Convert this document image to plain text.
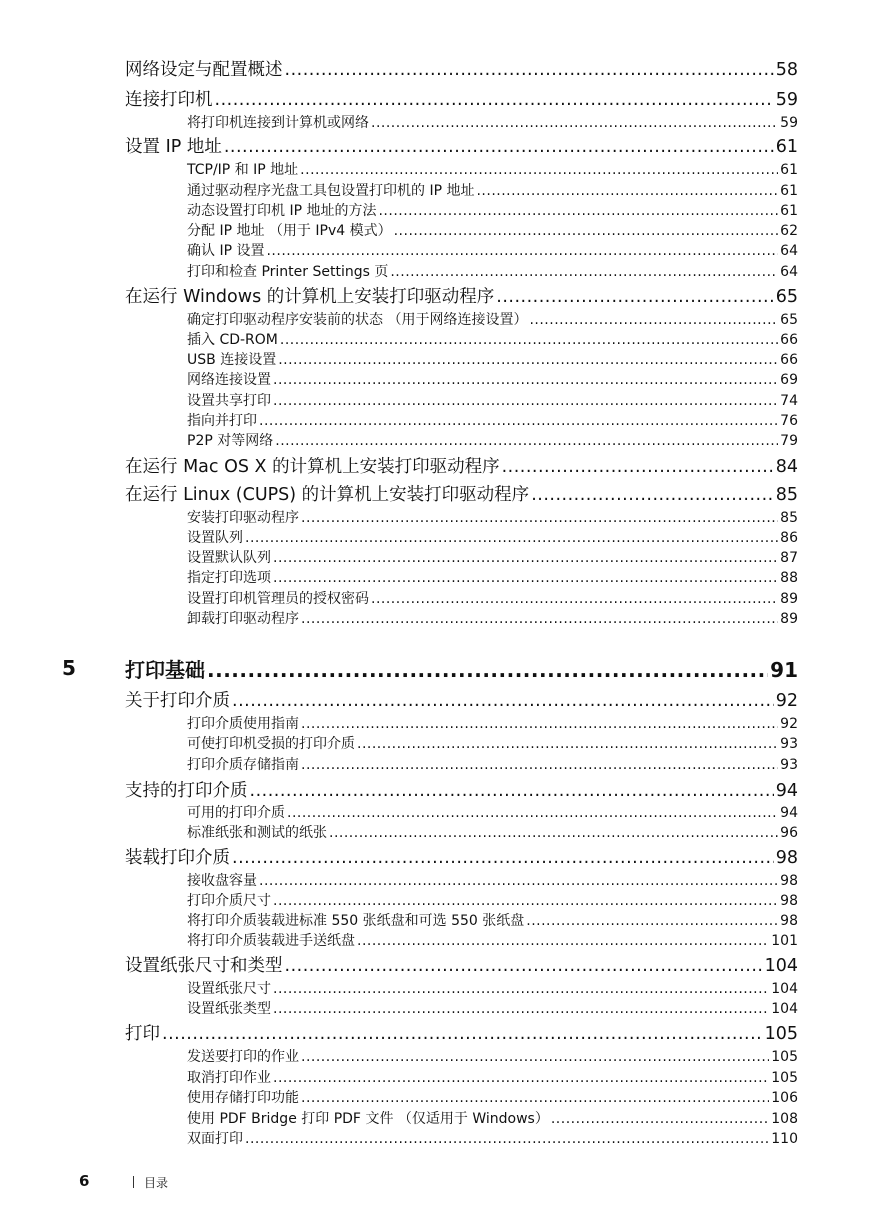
网络设定与配置概述 .....	58
连接打印机 .....	59
将打印机连接到计算机或网络 .....	59
设置 IP 地址 .....	61
TCP/IP 和 IP 地址 .....	61
通过驱动程序光盘工具包设置打印机的 IP 地址 .....	61
动态设置打印机 IP 地址的方法 .....	61
分配 IP 地址 （用于 IPv4 模式） .....	62
确认 IP 设置 .....	64
打印和检查 Printer Settings 页 .....	64
在运行 Windows 的计算机上安装打印驱动程序 .....	65
确定打印驱动程序安装前的状态 （用于网络连接设置） .....	65
插入 CD-ROM .....	66
USB 连接设置 .....	66
网络连接设置 .....	69
设置共享打印 .....	74
指向并打印 .....	76
P2P 对等网络 .....	79
在运行 Mac OS X 的计算机上安装打印驱动程序 .....	84
在运行 Linux (CUPS) 的计算机上安装打印驱动程序 .....	85
安装打印驱动程序 .....	85
设置队列 .....	86
设置默认队列 .....	87
指定打印选项 .....	88
设置打印机管理员的授权密码 .....	89
卸载打印驱动程序 .....	89
5 打印基础 .....	91
关于打印介质 .....	92
打印介质使用指南 .....	92
可使打印机受损的打印介质 .....	93
打印介质存储指南 .....	93
支持的打印介质 .....	94
可用的打印介质 .....	94
标准纸张和测试的纸张 .....	96
装载打印介质 .....	98
接收盘容量 .....	98
打印介质尺寸 .....	98
将打印介质装载进标准 550 张纸盘和可选 550 张纸盘 .....	98
将打印介质装载进手送纸盘 .....	101
设置纸张尺寸和类型 .....	104
设置纸张尺寸 .....	104
设置纸张类型 .....	104
打印 .....	105
发送要打印的作业 .....	105
取消打印作业 .....	105
使用存储打印功能 .....	106
使用 PDF Bridge 打印 PDF 文件 （仅适用于 Windows） .....	108
双面打印 .....	110
6	目录
